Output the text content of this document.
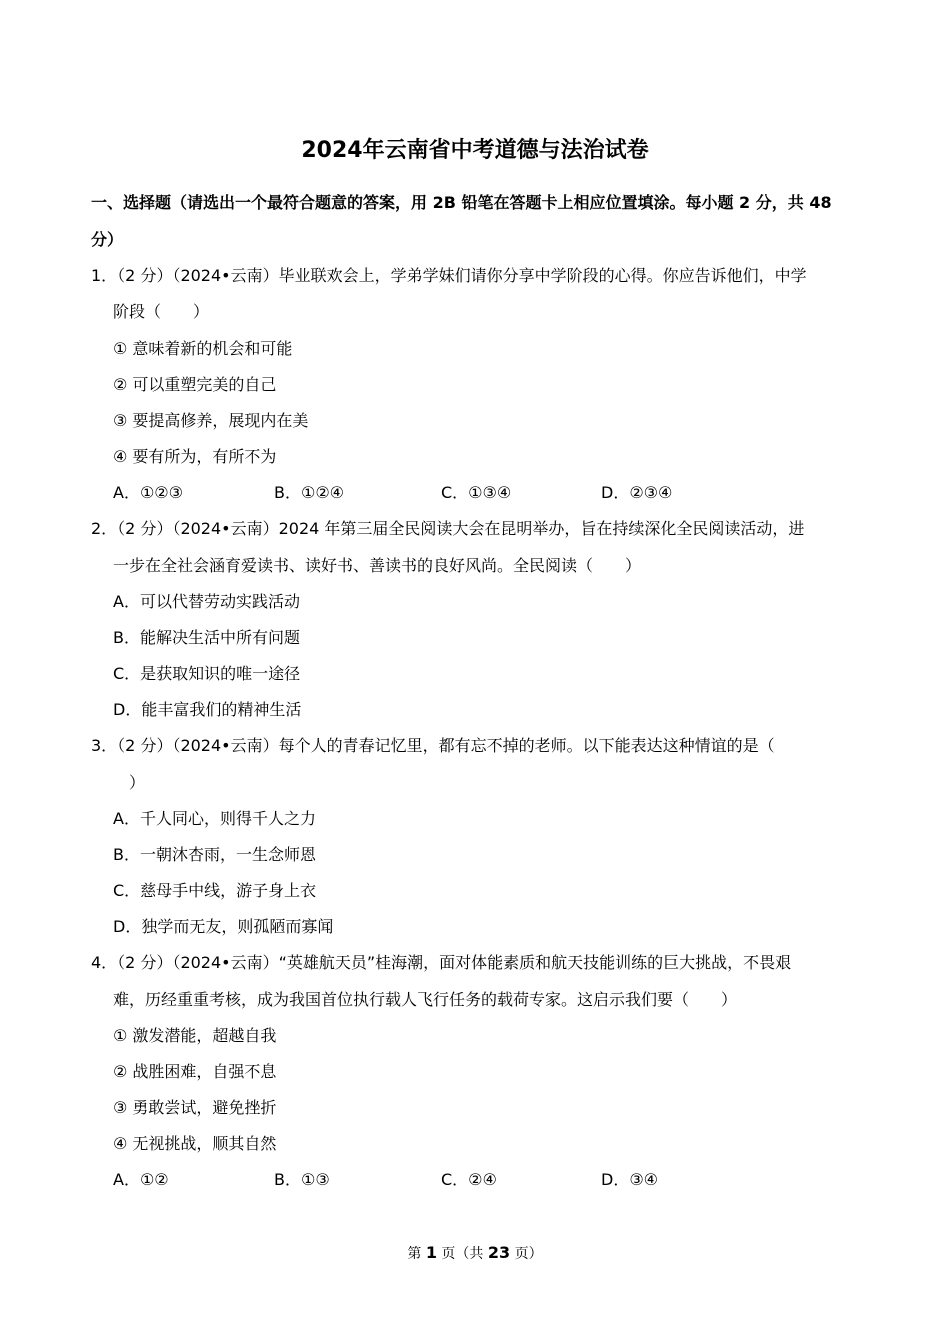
2024年云南省中考道德与法治试卷
一、选择题（请选出一个最符合题意的答案，用 2B 铅笔在答题卡上相应位置填涂。每小题 2 分，共 48
分）
1．（2 分）（2024•云南）毕业联欢会上，学弟学妹们请你分享中学阶段的心得。你应告诉他们，中学
阶段（　　）
① 意味着新的机会和可能
② 可以重塑完美的自己
③ 要提高修养，展现内在美
④ 要有所为，有所不为
A．①②③	B．①②④	C．①③④	D．②③④
2．（2 分）（2024•云南）2024 年第三届全民阅读大会在昆明举办，旨在持续深化全民阅读活动，进
一步在全社会涵育爱读书、读好书、善读书的良好风尚。全民阅读（　　）
A．可以代替劳动实践活动
B．能解决生活中所有问题
C．是获取知识的唯一途径
D．能丰富我们的精神生活
3．（2 分）（2024•云南）每个人的青春记忆里，都有忘不掉的老师。以下能表达这种情谊的是（
　）
A．千人同心，则得千人之力
B．一朝沐杏雨，一生念师恩
C．慈母手中线，游子身上衣
D．独学而无友，则孤陋而寡闻
4．（2 分）（2024•云南）“英雄航天员”桂海潮，面对体能素质和航天技能训练的巨大挑战，不畏艰
难，历经重重考核，成为我国首位执行载人飞行任务的载荷专家。这启示我们要（　　）
① 激发潜能，超越自我
② 战胜困难，自强不息
③ 勇敢尝试，避免挫折
④ 无视挑战，顺其自然
A．①②	B．①③	C．②④	D．③④
第 1 页（共 23 页）
